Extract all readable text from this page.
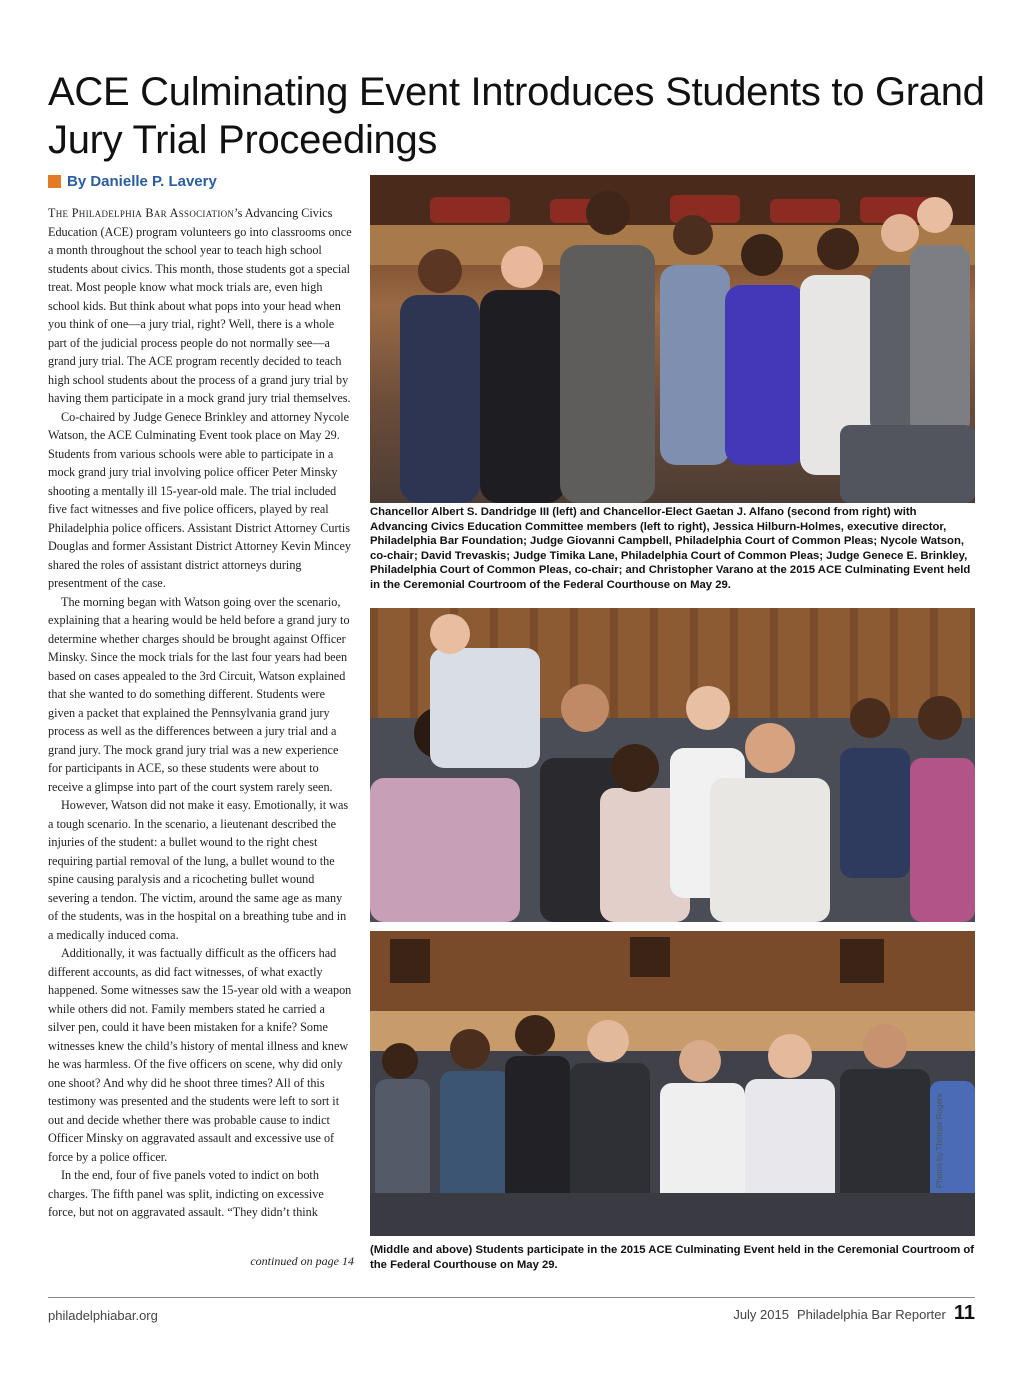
ACE Culminating Event Introduces Students to Grand Jury Trial Proceedings
By Danielle P. Lavery

The Philadelphia Bar Association’s Advancing Civics Education (ACE) program volunteers go into classrooms once a month throughout the school year to teach high school students about civics. This month, those students got a special treat. Most people know what mock trials are, even high school kids. But think about what pops into your head when you think of one—a jury trial, right? Well, there is a whole part of the judicial process people do not normally see—a grand jury trial. The ACE program recently decided to teach high school students about the process of a grand jury trial by having them participate in a mock grand jury trial themselves.

Co-chaired by Judge Genece Brinkley and attorney Nycole Watson, the ACE Culminating Event took place on May 29. Students from various schools were able to participate in a mock grand jury trial involving police officer Peter Minsky shooting a mentally ill 15-year-old male. The trial included five fact witnesses and five police officers, played by real Philadelphia police officers. Assistant District Attorney Curtis Douglas and former Assistant District Attorney Kevin Mincey shared the roles of assistant district attorneys during presentment of the case.

The morning began with Watson going over the scenario, explaining that a hearing would be held before a grand jury to determine whether charges should be brought against Officer Minsky. Since the mock trials for the last four years had been based on cases appealed to the 3rd Circuit, Watson explained that she wanted to do something different. Students were given a packet that explained the Pennsylvania grand jury process as well as the differences between a jury trial and a grand jury. The mock grand jury trial was a new experience for participants in ACE, so these students were about to receive a glimpse into part of the court system rarely seen.

However, Watson did not make it easy. Emotionally, it was a tough scenario. In the scenario, a lieutenant described the injuries of the student: a bullet wound to the right chest requiring partial removal of the lung, a bullet wound to the spine causing paralysis and a ricocheting bullet wound severing a tendon. The victim, around the same age as many of the students, was in the hospital on a breathing tube and in a medically induced coma.

Additionally, it was factually difficult as the officers had different accounts, as did fact witnesses, of what exactly happened. Some witnesses saw the 15-year old with a weapon while others did not. Family members stated he carried a silver pen, could it have been mistaken for a knife? Some witnesses knew the child’s history of mental illness and knew he was harmless. Of the five officers on scene, why did only one shoot? And why did he shoot three times? All of this testimony was presented and the students were left to sort it out and decide whether there was probable cause to indict Officer Minsky on aggravated assault and excessive use of force by a police officer.

In the end, four of five panels voted to indict on both charges. The fifth panel was split, indicting on excessive force, but not on aggravated assault. “They didn’t think

continued on page 14
Chancellor Albert S. Dandridge III (left) and Chancellor-Elect Gaetan J. Alfano (second from right) with Advancing Civics Education Committee members (left to right), Jessica Hilburn-Holmes, executive director, Philadelphia Bar Foundation; Judge Giovanni Campbell, Philadelphia Court of Common Pleas; Nycole Watson, co-chair; David Trevaskis; Judge Timika Lane, Philadelphia Court of Common Pleas; Judge Genece E. Brinkley, Philadelphia Court of Common Pleas, co-chair; and Christopher Varano at the 2015 ACE Culminating Event held in the Ceremonial Courtroom of the Federal Courthouse on May 29.
Photos by Thomas Rogers
(Middle and above) Students participate in the 2015 ACE Culminating Event held in the Ceremonial Courtroom of the Federal Courthouse on May 29.
philadelphiabar.org	July 2015 Philadelphia Bar Reporter 11
